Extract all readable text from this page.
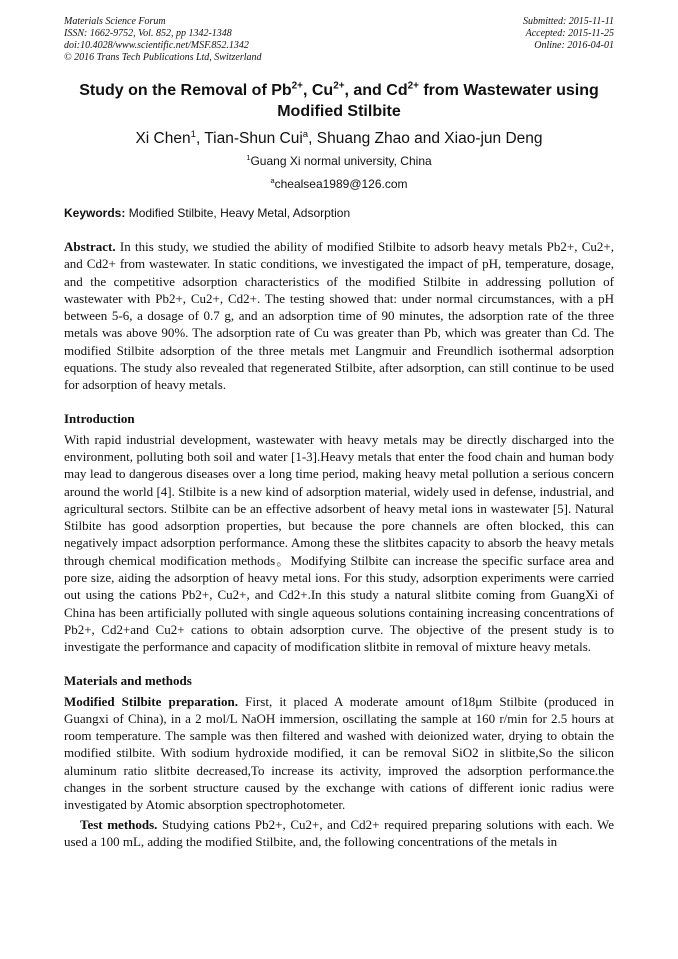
Materials Science Forum
ISSN: 1662-9752, Vol. 852, pp 1342-1348
doi:10.4028/www.scientific.net/MSF.852.1342
© 2016 Trans Tech Publications Ltd, Switzerland
Submitted: 2015-11-11
Accepted: 2015-11-25
Online: 2016-04-01
Study on the Removal of $Pb^{2+}$, $Cu^{2+}$, and $Cd^{2+}$ from Wastewater using Modified Stilbite
Xi Chen$^1$, Tian-Shun Cui$^a$, Shuang Zhao and Xiao-jun Deng
$^1$Guang Xi normal university, China
$^a$chealsea1989@126.com
Keywords: Modified Stilbite, Heavy Metal, Adsorption

Abstract. In this study, we studied the ability of modified Stilbite to adsorb heavy metals Pb2+, Cu2+, and Cd2+ from wastewater. In static conditions, we investigated the impact of pH, temperature, dosage, and the competitive adsorption characteristics of the modified Stilbite in addressing pollution of wastewater with Pb2+, Cu2+, Cd2+. The testing showed that: under normal circumstances, with a pH between 5-6, a dosage of 0.7 g, and an adsorption time of 90 minutes, the adsorption rate of the three metals was above 90%. The adsorption rate of Cu was greater than Pb, which was greater than Cd. The modified Stilbite adsorption of the three metals met Langmuir and Freundlich isothermal adsorption equations. The study also revealed that regenerated Stilbite, after adsorption, can still continue to be used for adsorption of heavy metals.

Introduction

With rapid industrial development, wastewater with heavy metals may be directly discharged into the environment, polluting both soil and water [1-3].Heavy metals that enter the food chain and human body may lead to dangerous diseases over a long time period, making heavy metal pollution a serious concern around the world [4]. Stilbite is a new kind of adsorption material, widely used in defense, industrial, and agricultural sectors. Stilbite can be an effective adsorbent of heavy metal ions in wastewater [5]. Natural Stilbite has good adsorption properties, but because the pore channels are often blocked, this can negatively impact adsorption performance. Among these the slitbites capacity to absorb the heavy metals through chemical modification methods。Modifying Stilbite can increase the specific surface area and pore size, aiding the adsorption of heavy metal ions. For this study, adsorption experiments were carried out using the cations Pb2+, Cu2+, and Cd2+.In this study a natural slitbite coming from GuangXi of China has been artificially polluted with single aqueous solutions containing increasing concentrations of Pb2+, Cd2+and Cu2+ cations to obtain adsorption curve. The objective of the present study is to investigate the performance and capacity of modification slitbite in removal of mixture heavy metals.

Materials and methods

Modified Stilbite preparation. First, it placed A moderate amount of18μm Stilbite (produced in Guangxi of China), in a 2 mol/L NaOH immersion, oscillating the sample at 160 r/min for 2.5 hours at room temperature. The sample was then filtered and washed with deionized water, drying to obtain the modified stilbite. With sodium hydroxide modified, it can be removal SiO2 in slitbite,So the silicon aluminum ratio slitbite decreased,To increase its activity, improved the adsorption performance.the changes in the sorbent structure caused by the exchange with cations of different ionic radius were investigated by Atomic absorption spectrophotometer.

Test methods. Studying cations Pb2+, Cu2+, and Cd2+ required preparing solutions with each. We used a 100 mL, adding the modified Stilbite, and, the following concentrations of the metals in
